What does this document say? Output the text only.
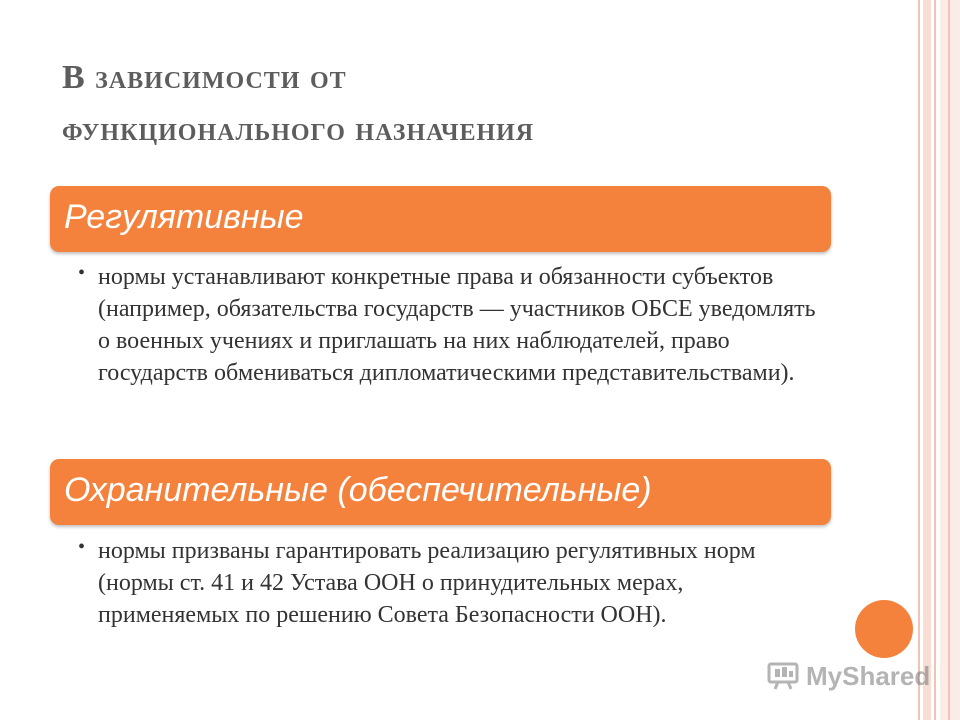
В зависимости от
функционального назначения
Регулятивные
• нормы устанавливают конкретные права и обязанности субъектов (например, обязательства государств — участников ОБСЕ уведомлять о военных учениях и приглашать на них наблюдателей, право государств обмениваться дипломатическими представительствами).
Охранительные (обеспечительные)
• нормы призваны гарантировать реализацию регулятивных норм (нормы ст. 41 и 42 Устава ООН о принудительных мерах, применяемых по решению Совета Безопасности ООН).
MyShared
